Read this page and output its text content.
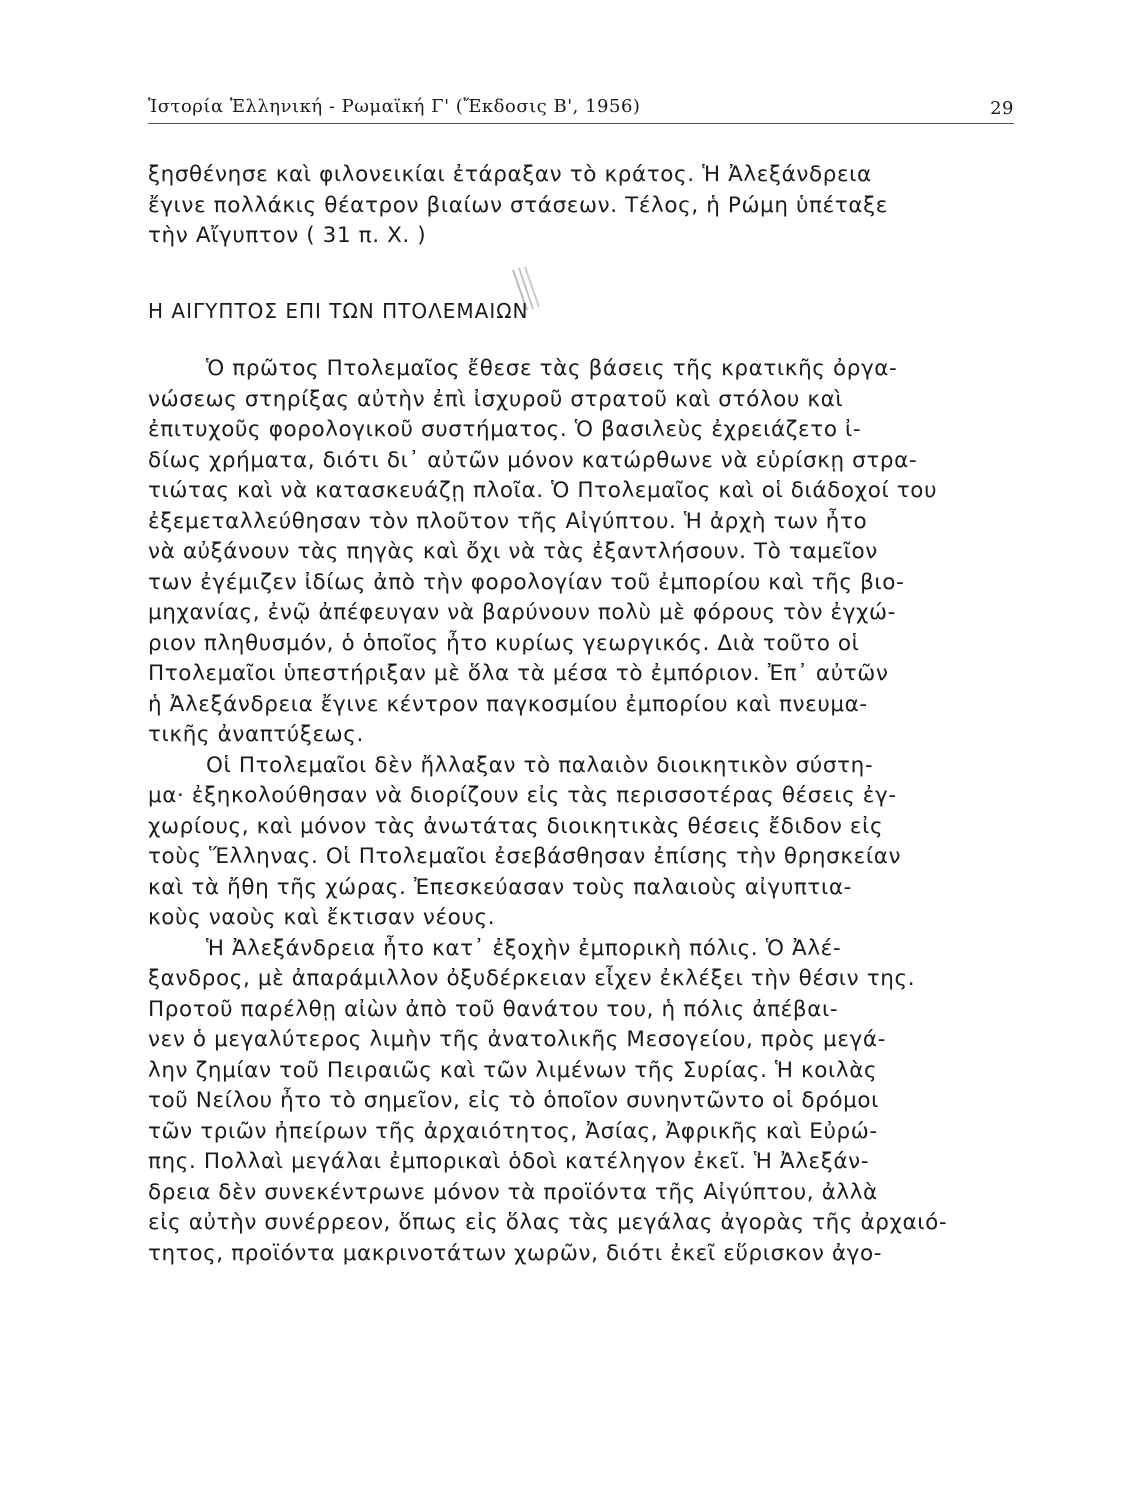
Ἱστορία Ἑλληνική - Ρωμαϊκή Γ' (Ἔκδοσις Β', 1956)	29

ξησθένησε καὶ φιλονεικίαι ἐτάραξαν τὸ κράτος. Ἡ Ἀλεξάνδρεια
ἔγινε πολλάκις θέατρον βιαίων στάσεων. Τέλος, ἡ Ρώμη ὑπέταξε
τὴν Αἴγυπτον ( 31 π. Χ. )

Η ΑΙΓΥΠΤΟΣ ΕΠΙ ΤΩΝ ΠΤΟΛΕΜΑΙΩΝ

Ὁ πρῶτος Πτολεμαῖος ἔθεσε τὰς βάσεις τῆς κρατικῆς ὀργα-
νώσεως στηρίξας αὐτὴν ἐπὶ ἰσχυροῦ στρατοῦ καὶ στόλου καὶ
ἐπιτυχοῦς φορολογικοῦ συστήματος. Ὁ βασιλεὺς ἐχρειάζετο ἰ-
δίως χρήματα, διότι δι᾽ αὐτῶν μόνον κατώρθωνε νὰ εὑρίσκῃ στρα-
τιώτας καὶ νὰ κατασκευάζῃ πλοῖα. Ὁ Πτολεμαῖος καὶ οἱ διάδοχοί του
ἐξεμεταλλεύθησαν τὸν πλοῦτον τῆς Αἰγύπτου. Ἡ ἀρχὴ των ἦτο
νὰ αὐξάνουν τὰς πηγὰς καὶ ὄχι νὰ τὰς ἐξαντλήσουν. Τὸ ταμεῖον
των ἐγέμιζεν ἰδίως ἀπὸ τὴν φορολογίαν τοῦ ἐμπορίου καὶ τῆς βιο-
μηχανίας, ἐνῷ ἀπέφευγαν νὰ βαρύνουν πολὺ μὲ φόρους τὸν ἐγχώ-
ριον πληθυσμόν, ὁ ὁποῖος ἦτο κυρίως γεωργικός. Διὰ τοῦτο οἱ
Πτολεμαῖοι ὑπεστήριξαν μὲ ὅλα τὰ μέσα τὸ ἐμπόριον. Ἐπ᾽ αὐτῶν
ἡ Ἀλεξάνδρεια ἔγινε κέντρον παγκοσμίου ἐμπορίου καὶ πνευμα-
τικῆς ἀναπτύξεως.

Οἱ Πτολεμαῖοι δὲν ἤλλαξαν τὸ παλαιὸν διοικητικὸν σύστη-
μα· ἐξηκολούθησαν νὰ διορίζουν εἰς τὰς περισσοτέρας θέσεις ἐγ-
χωρίους, καὶ μόνον τὰς ἀνωτάτας διοικητικὰς θέσεις ἔδιδον εἰς
τοὺς Ἕλληνας. Οἱ Πτολεμαῖοι ἐσεβάσθησαν ἐπίσης τὴν θρησκείαν
καὶ τὰ ἤθη τῆς χώρας. Ἐπεσκεύασαν τοὺς παλαιοὺς αἰγυπτια-
κοὺς ναοὺς καὶ ἔκτισαν νέους.

Ἡ Ἀλεξάνδρεια ἦτο κατ᾽ ἐξοχὴν ἐμπορικὴ πόλις. Ὁ Ἀλέ-
ξανδρος, μὲ ἀπαράμιλλον ὀξυδέρκειαν εἶχεν ἐκλέξει τὴν θέσιν της.
Προτοῦ παρέλθῃ αἰὼν ἀπὸ τοῦ θανάτου του, ἡ πόλις ἀπέβαι-
νεν ὁ μεγαλύτερος λιμὴν τῆς ἀνατολικῆς Μεσογείου, πρὸς μεγά-
λην ζημίαν τοῦ Πειραιῶς καὶ τῶν λιμένων τῆς Συρίας. Ἡ κοιλὰς
τοῦ Νείλου ἦτο τὸ σημεῖον, εἰς τὸ ὁποῖον συνηντῶντο οἱ δρόμοι
τῶν τριῶν ἠπείρων τῆς ἀρχαιότητος, Ἀσίας, Ἀφρικῆς καὶ Εὐρώ-
πης. Πολλαὶ μεγάλαι ἐμπορικαὶ ὁδοὶ κατέληγον ἐκεῖ. Ἡ Ἀλεξάν-
δρεια δὲν συνεκέντρωνε μόνον τὰ προϊόντα τῆς Αἰγύπτου, ἀλλὰ
εἰς αὐτὴν συνέρρεον, ὅπως εἰς ὅλας τὰς μεγάλας ἀγορὰς τῆς ἀρχαιό-
τητος, προϊόντα μακρινοτάτων χωρῶν, διότι ἐκεῖ εὕρισκον ἀγο-
